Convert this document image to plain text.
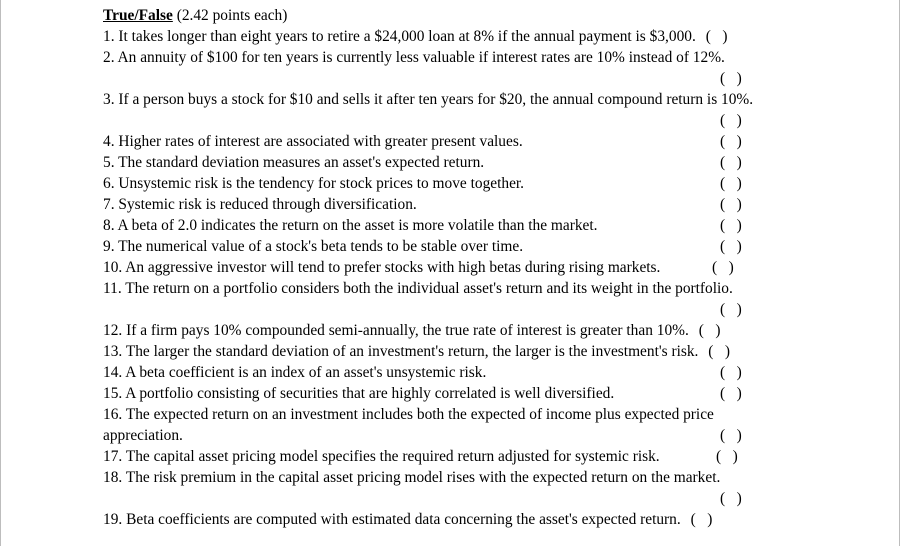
True/False (2.42 points each)
1. It takes longer than eight years to retire a $24,000 loan at 8% if the annual payment is $3,000. (   )
2. An annuity of $100 for ten years is currently less valuable if interest rates are 10% instead of 12%.
(   )
3. If a person buys a stock for $10 and sells it after ten years for $20, the annual compound return is 10%.
(   )
4. Higher rates of interest are associated with greater present values.	(   )
5. The standard deviation measures an asset's expected return.	(   )
6. Unsystemic risk is the tendency for stock prices to move together.	(   )
7. Systemic risk is reduced through diversification.	(   )
8. A beta of 2.0 indicates the return on the asset is more volatile than the market.	(   )
9. The numerical value of a stock's beta tends to be stable over time.	(   )
10. An aggressive investor will tend to prefer stocks with high betas during rising markets.	(   )
11. The return on a portfolio considers both the individual asset's return and its weight in the portfolio.
(   )
12. If a firm pays 10% compounded semi-annually, the true rate of interest is greater than 10%. (   )
13. The larger the standard deviation of an investment's return, the larger is the investment's risk. (   )
14. A beta coefficient is an index of an asset's unsystemic risk.	(   )
15. A portfolio consisting of securities that are highly correlated is well diversified.	(   )
16. The expected return on an investment includes both the expected of income plus expected price
appreciation.	(   )
17. The capital asset pricing model specifies the required return adjusted for systemic risk.	(   )
18. The risk premium in the capital asset pricing model rises with the expected return on the market.
(   )
19. Beta coefficients are computed with estimated data concerning the asset's expected return. (   )
